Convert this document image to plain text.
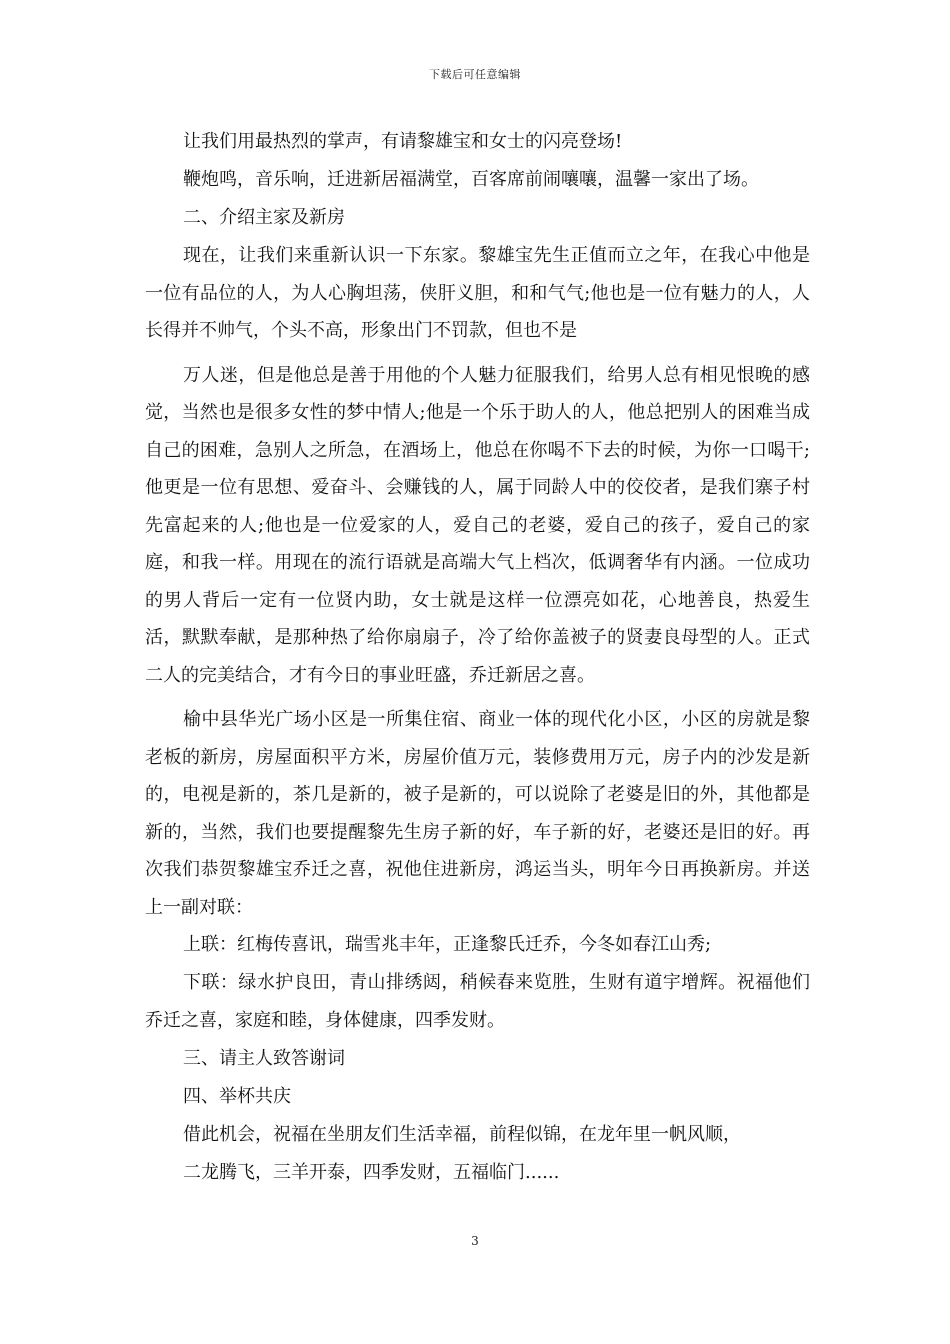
下载后可任意编辑

让我们用最热烈的掌声，有请黎雄宝和女士的闪亮登场!

鞭炮鸣，音乐响，迁进新居福满堂，百客席前闹嚷嚷，温馨一家出了场。

二、介绍主家及新房

现在，让我们来重新认识一下东家。黎雄宝先生正值而立之年，在我心中他是一位有品位的人，为人心胸坦荡，侠肝义胆，和和气气;他也是一位有魅力的人，人长得并不帅气，个头不高，形象出门不罚款，但也不是

万人迷，但是他总是善于用他的个人魅力征服我们，给男人总有相见恨晚的感觉，当然也是很多女性的梦中情人;他是一个乐于助人的人，他总把别人的困难当成自己的困难，急别人之所急，在酒场上，他总在你喝不下去的时候，为你一口喝干;他更是一位有思想、爱奋斗、会赚钱的人，属于同龄人中的佼佼者，是我们寨子村先富起来的人;他也是一位爱家的人，爱自己的老婆，爱自己的孩子，爱自己的家庭，和我一样。用现在的流行语就是高端大气上档次，低调奢华有内涵。一位成功的男人背后一定有一位贤内助，女士就是这样一位漂亮如花，心地善良，热爱生活，默默奉献，是那种热了给你扇扇子，冷了给你盖被子的贤妻良母型的人。正式二人的完美结合，才有今日的事业旺盛，乔迁新居之喜。

榆中县华光广场小区是一所集住宿、商业一体的现代化小区，小区的房就是黎老板的新房，房屋面积平方米，房屋价值万元，装修费用万元，房子内的沙发是新的，电视是新的，茶几是新的，被子是新的，可以说除了老婆是旧的外，其他都是新的，当然，我们也要提醒黎先生房子新的好，车子新的好，老婆还是旧的好。再次我们恭贺黎雄宝乔迁之喜，祝他住进新房，鸿运当头，明年今日再换新房。并送上一副对联：

上联：红梅传喜讯，瑞雪兆丰年，正逢黎氏迁乔，今冬如春江山秀;

下联：绿水护良田，青山排绣闼，稍候春来览胜，生财有道宇增辉。祝福他们乔迁之喜，家庭和睦，身体健康，四季发财。

三、请主人致答谢词

四、举杯共庆

借此机会，祝福在坐朋友们生活幸福，前程似锦，在龙年里一帆风顺，

二龙腾飞，三羊开泰，四季发财，五福临门......

3
